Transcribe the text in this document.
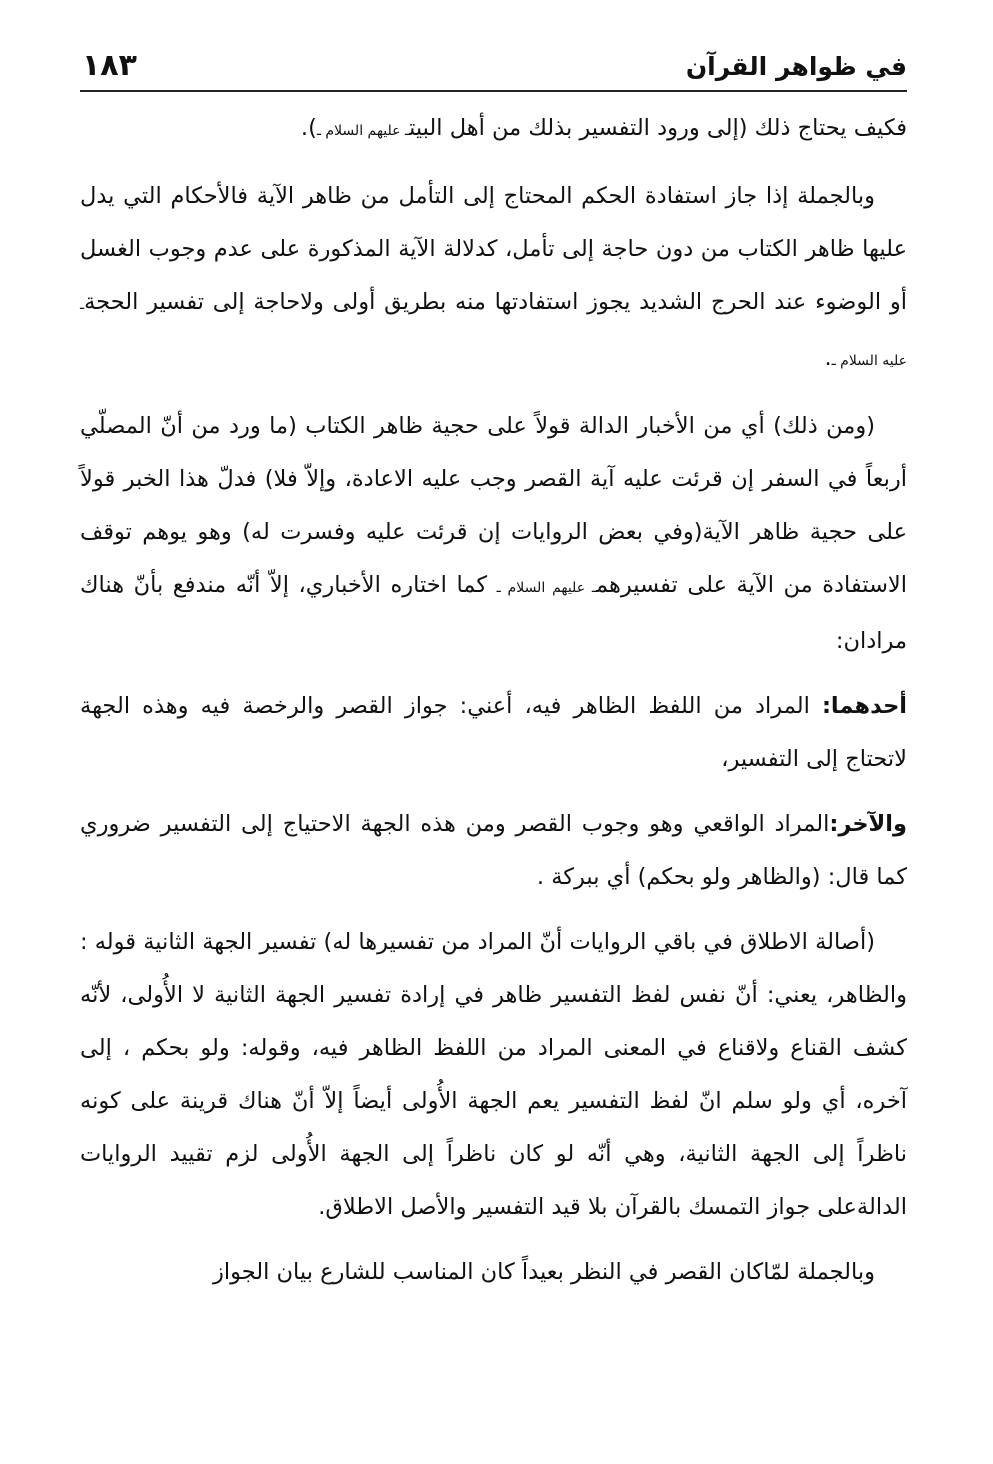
في ظواهر القرآن
١٨٣

فكيف يحتاج ذلك (إلى ورود التفسير بذلك من أهل البيتـ عليهم السلام ـ).

وبالجملة إذا جاز استفادة الحكم المحتاج إلى التأمل من ظاهر الآية فالأحكام التي يدل عليها ظاهر الكتاب من دون حاجة إلى تأمل، كدلالة الآية المذكورة على عدم وجوب الغسل أو الوضوء عند الحرج الشديد يجوز استفادتها منه بطريق أولى ولاحاجة إلى تفسير الحجةـ عليه السلام ـ.

(ومن ذلك) أي من الأخبار الدالة قولاً على حجية ظاهر الكتاب (ما ورد من أنّ المصلّي أربعاً في السفر إن قرئت عليه آية القصر وجب عليه الاعادة، وإلاّ فلا) فدلّ هذا الخبر قولاً على حجية ظاهر الآية(وفي بعض الروايات إن قرئت عليه وفسرت له) وهو يوهم توقف الاستفادة من الآية على تفسيرهمـ عليهم السلام ـ كما اختاره الأخباري، إلاّ أنّه مندفع بأنّ هناك مرادان:

أحدهما: المراد من اللفظ الظاهر فيه، أعني: جواز القصر والرخصة فيه وهذه الجهة لاتحتاج إلى التفسير،

والآخر:المراد الواقعي وهو وجوب القصر ومن هذه الجهة الاحتياج إلى التفسير ضروري كما قال: (والظاهر ولو بحكم) أي ببركة .

(أصالة الاطلاق في باقي الروايات أنّ المراد من تفسيرها له) تفسير الجهة الثانية قوله : والظاهر، يعني: أنّ نفس لفظ التفسير ظاهر في إرادة تفسير الجهة الثانية لا الأُولى، لأنّه كشف القناع ولاقناع في المعنى المراد من اللفظ الظاهر فيه، وقوله: ولو بحكم ، إلى آخره، أي ولو سلم انّ لفظ التفسير يعم الجهة الأُولى أيضاً إلاّ أنّ هناك قرينة على كونه ناظراً إلى الجهة الثانية، وهي أنّه لو كان ناظراً إلى الجهة الأُولى لزم تقييد الروايات الدالةعلى جواز التمسك بالقرآن بلا قيد التفسير والأصل الاطلاق.

وبالجملة لمّاكان القصر في النظر بعيداً كان المناسب للشارع بيان الجواز
